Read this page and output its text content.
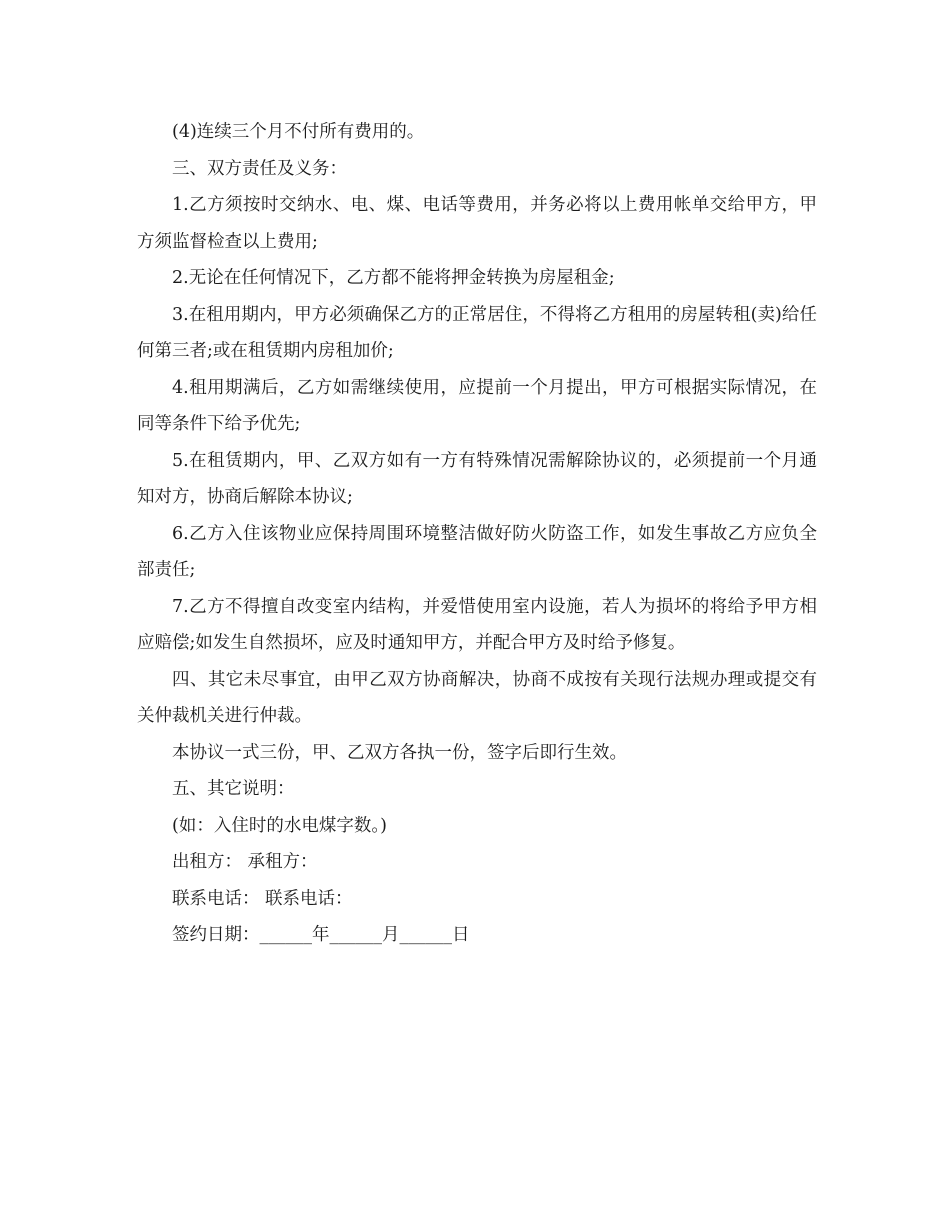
(4)连续三个月不付所有费用的。

三、双方责任及义务：

1.乙方须按时交纳水、电、煤、电话等费用，并务必将以上费用帐单交给甲方，甲方须监督检查以上费用;

2.无论在任何情况下，乙方都不能将押金转换为房屋租金;

3.在租用期内，甲方必须确保乙方的正常居住，不得将乙方租用的房屋转租(卖)给任何第三者;或在租赁期内房租加价;

4.租用期满后，乙方如需继续使用，应提前一个月提出，甲方可根据实际情况，在同等条件下给予优先;

5.在租赁期内，甲、乙双方如有一方有特殊情况需解除协议的，必须提前一个月通知对方，协商后解除本协议;

6.乙方入住该物业应保持周围环境整洁做好防火防盗工作，如发生事故乙方应负全部责任;

7.乙方不得擅自改变室内结构，并爱惜使用室内设施，若人为损坏的将给予甲方相应赔偿;如发生自然损坏，应及时通知甲方，并配合甲方及时给予修复。

四、其它未尽事宜，由甲乙双方协商解决，协商不成按有关现行法规办理或提交有关仲裁机关进行仲裁。

本协议一式三份，甲、乙双方各执一份，签字后即行生效。

五、其它说明：

(如：入住时的水电煤字数。)

出租方： 承租方：

联系电话： 联系电话：

签约日期：______年______月______日
